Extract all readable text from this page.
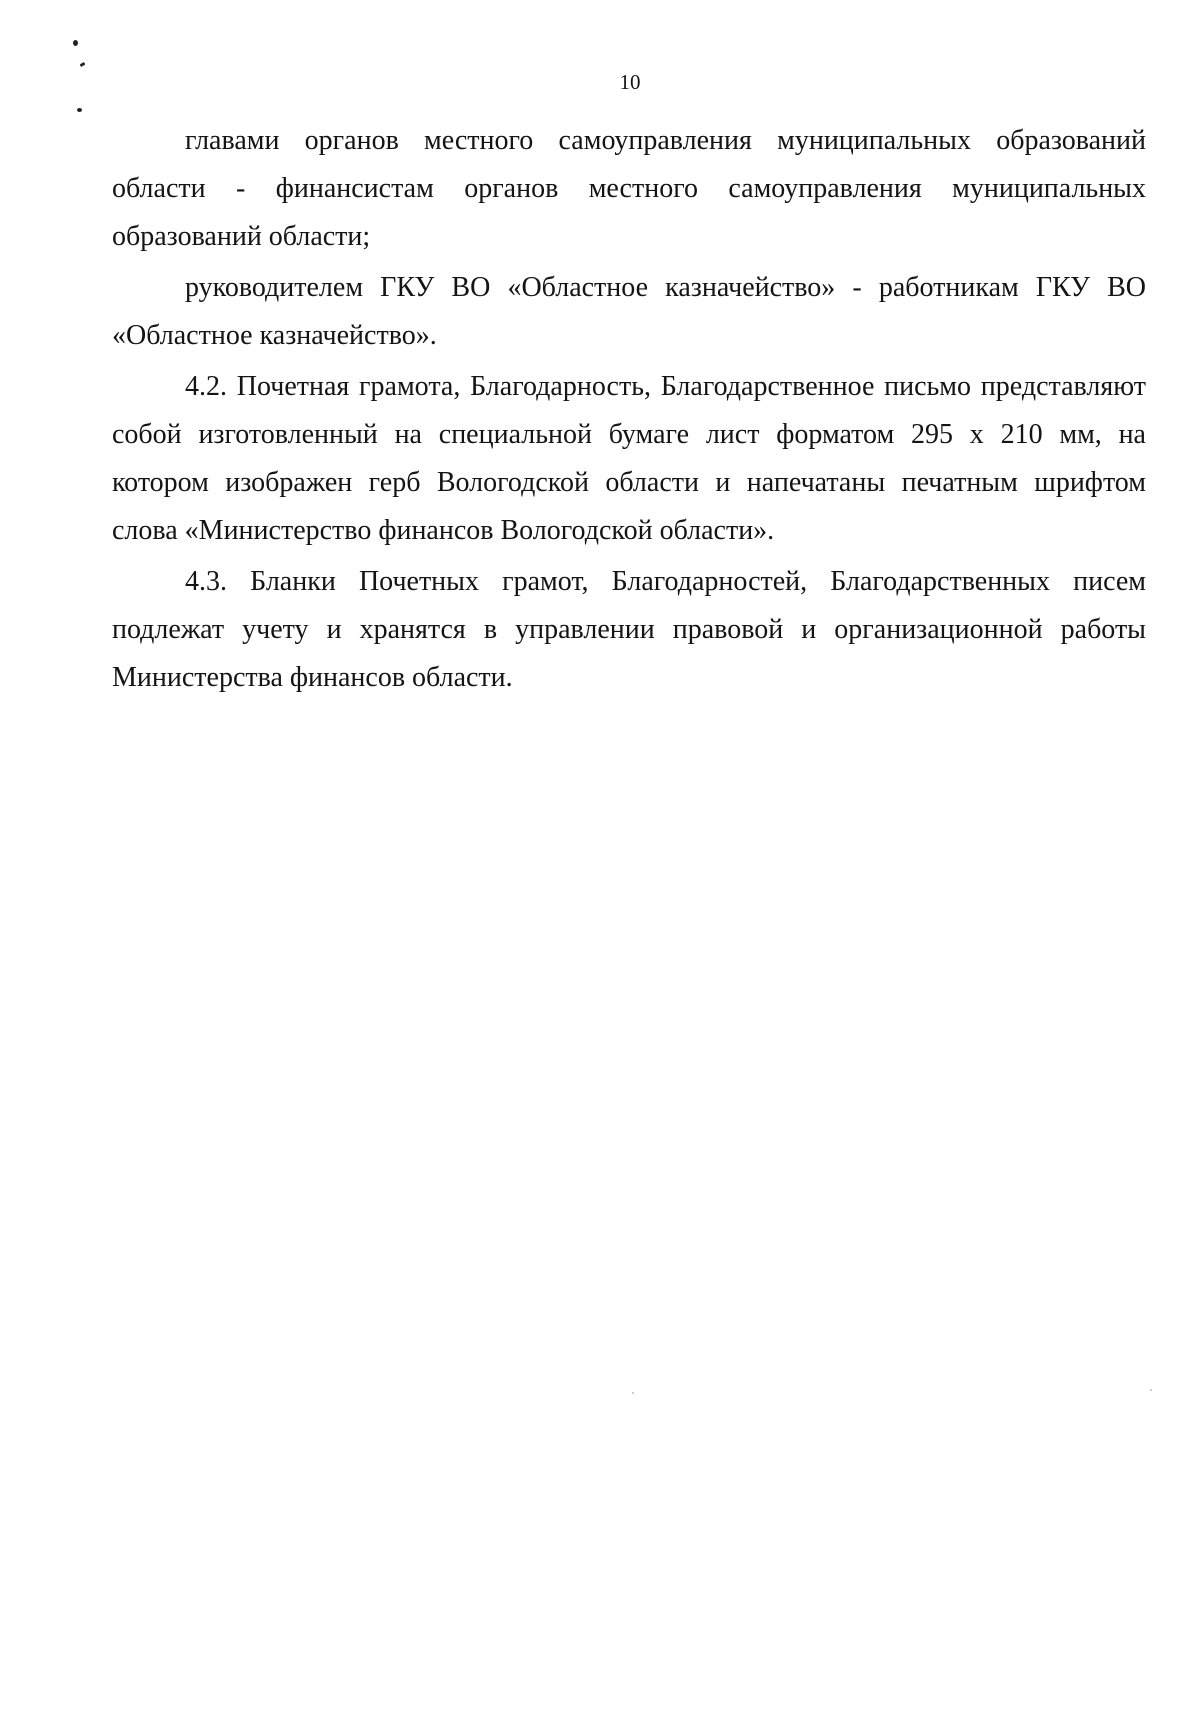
10

главами органов местного самоуправления муниципальных образований
области - финансистам органов местного самоуправления муниципальных
образований области;

руководителем ГКУ ВО «Областное казначейство» - работникам ГКУ ВО
«Областное казначейство».

4.2. Почетная грамота, Благодарность, Благодарственное письмо представляют
собой изготовленный на специальной бумаге лист форматом 295 х 210 мм, на
котором изображен герб Вологодской области и напечатаны печатным шрифтом
слова «Министерство финансов Вологодской области».

4.3. Бланки Почетных грамот, Благодарностей, Благодарственных писем
подлежат учету и хранятся в управлении правовой и организационной работы
Министерства финансов области.
